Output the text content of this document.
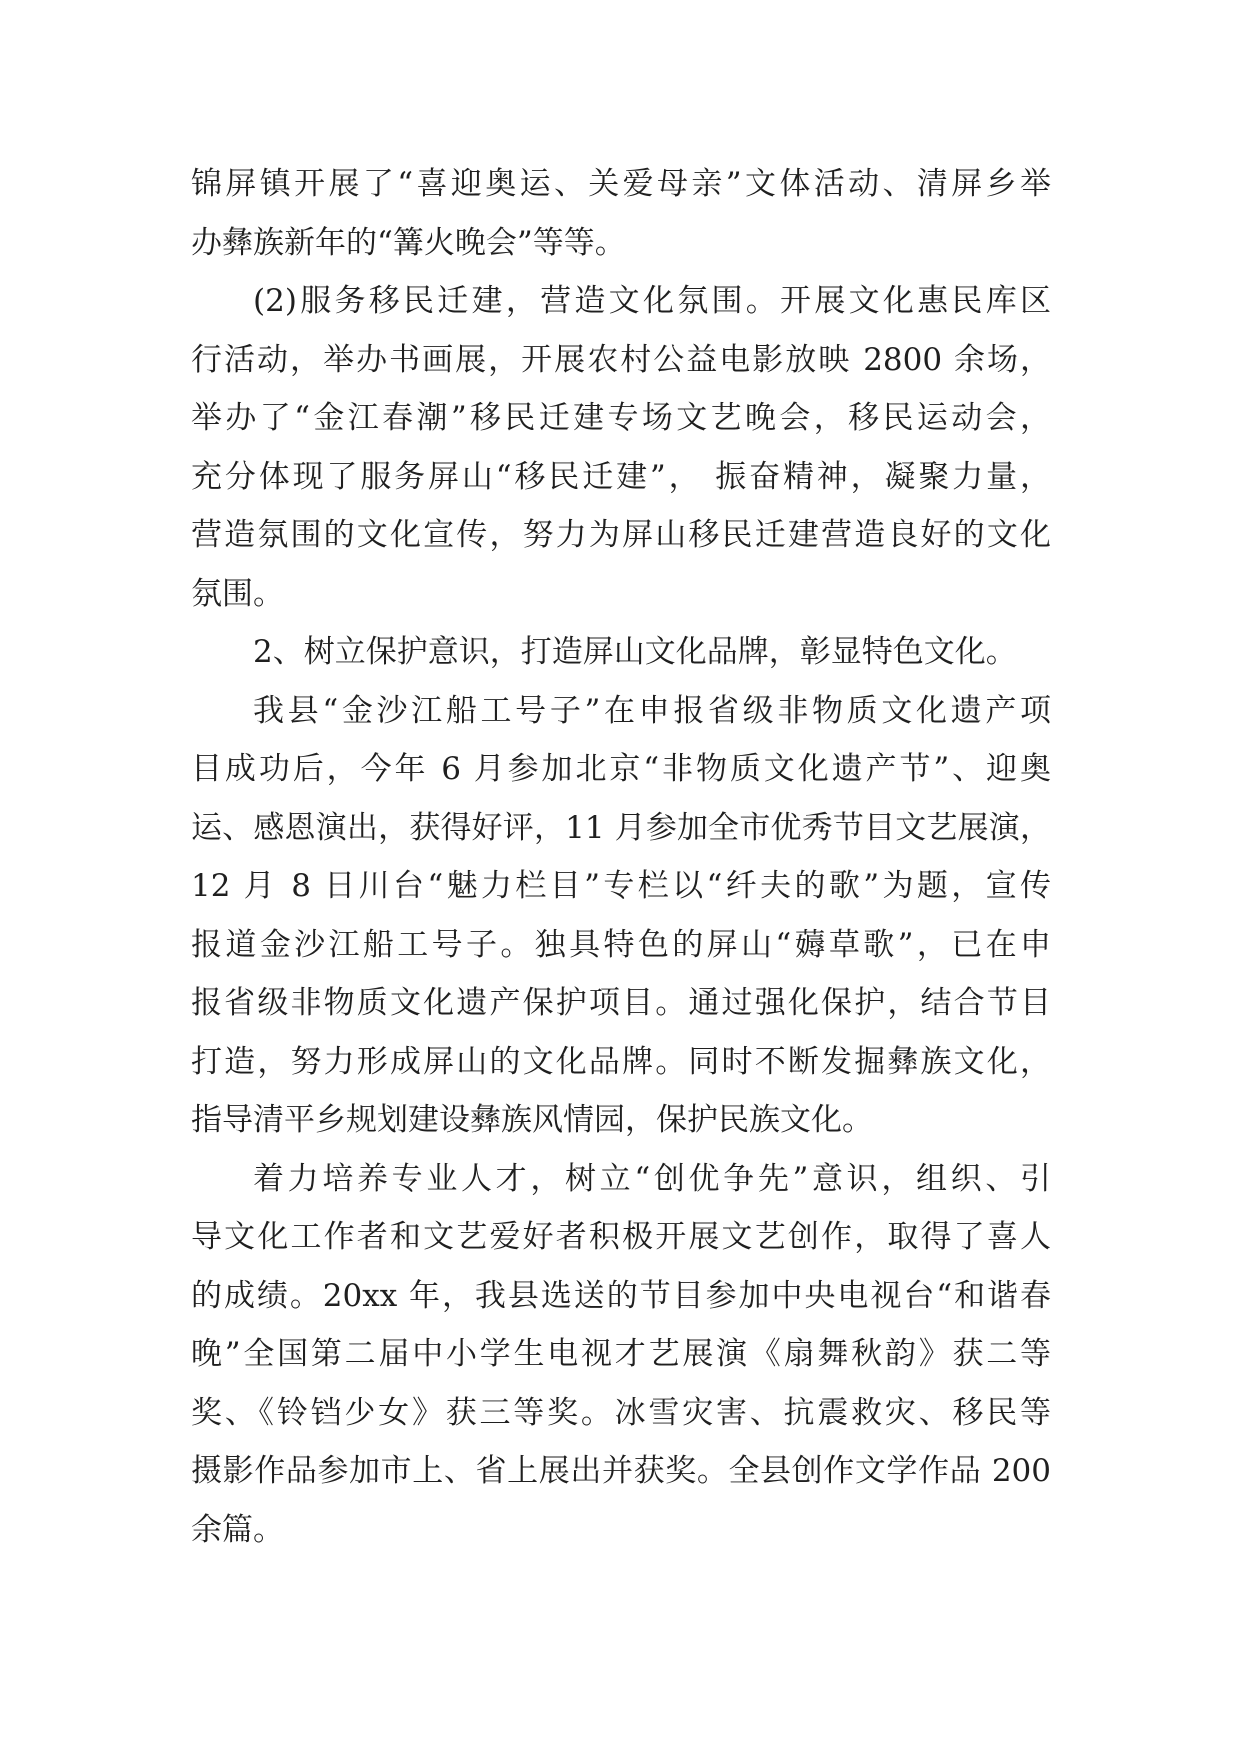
锦屏镇开展了“喜迎奥运、关爱母亲”文体活动、清屏乡举
办彝族新年的“篝火晚会”等等。
(2)服务移民迁建，营造文化氛围。开展文化惠民库区
行活动，举办书画展，开展农村公益电影放映 2800 余场，
举办了“金江春潮”移民迁建专场文艺晚会，移民运动会，
充分体现了服务屏山“移民迁建”， 振奋精神，凝聚力量，
营造氛围的文化宣传，努力为屏山移民迁建营造良好的文化
氛围。
2、树立保护意识，打造屏山文化品牌，彰显特色文化。
我县“金沙江船工号子”在申报省级非物质文化遗产项
目成功后，今年 6 月参加北京“非物质文化遗产节”、迎奥
运、感恩演出，获得好评，11 月参加全市优秀节目文艺展演，
12 月 8 日川台“魅力栏目”专栏以“纤夫的歌”为题，宣传
报道金沙江船工号子。独具特色的屏山“薅草歌”，已在申
报省级非物质文化遗产保护项目。通过强化保护，结合节目
打造，努力形成屏山的文化品牌。同时不断发掘彝族文化，
指导清平乡规划建设彝族风情园，保护民族文化。
着力培养专业人才，树立“创优争先”意识，组织、引
导文化工作者和文艺爱好者积极开展文艺创作，取得了喜人
的成绩。20xx 年，我县选送的节目参加中央电视台“和谐春
晚”全国第二届中小学生电视才艺展演《扇舞秋韵》获二等
奖、《铃铛少女》获三等奖。冰雪灾害、抗震救灾、移民等
摄影作品参加市上、省上展出并获奖。全县创作文学作品 200
余篇。
